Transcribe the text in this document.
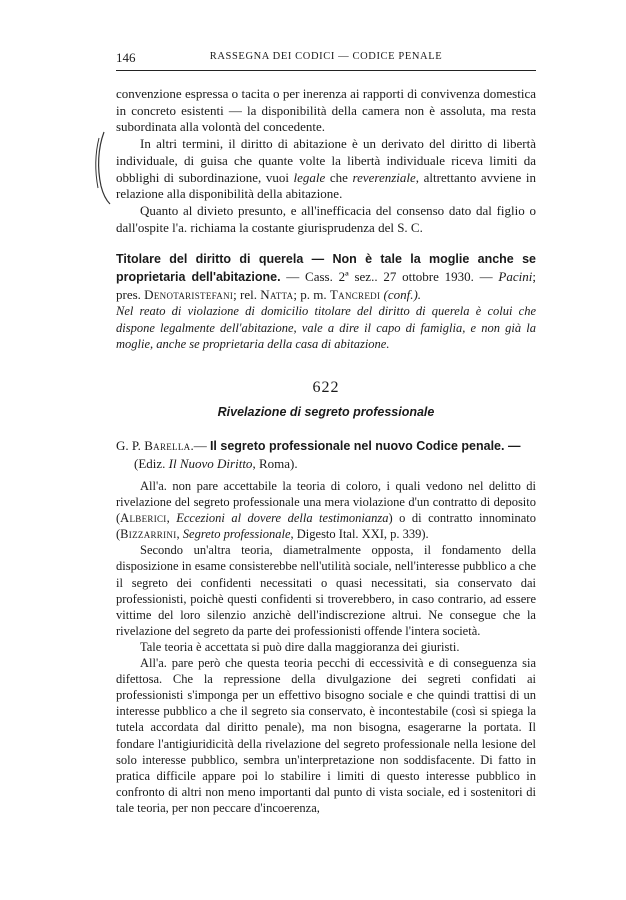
146	RASSEGNA DEI CODICI — CODICE PENALE

convenzione espressa o tacita o per inerenza ai rapporti di convivenza domestica in concreto esistenti — la disponibilità della camera non è assoluta, ma resta subordinata alla volontà del concedente.

In altri termini, il diritto di abitazione è un derivato del diritto di libertà individuale, di guisa che quante volte la libertà individuale riceva limiti da obblighi di subordinazione, vuoi legale che reverenziale, altrettanto avviene in relazione alla disponibilità della abitazione.

Quanto al divieto presunto, e all'inefficacia del consenso dato dal figlio o dall'ospite l'a. richiama la costante giurisprudenza del S. C.

Titolare del diritto di querela — Non è tale la moglie anche se proprietaria dell'abitazione. — Cass. 2ª sez.. 27 ottobre 1930. — Pacini; pres. Denotaristefani; rel. Natta; p. m. Tancredi (conf.).
Nel reato di violazione di domicilio titolare del diritto di querela è colui che dispone legalmente dell'abitazione, vale a dire il capo di famiglia, e non già la moglie, anche se proprietaria della casa di abitazione.
622
Rivelazione di segreto professionale
G. P. Barella.— Il segreto professionale nel nuovo Codice penale. —
(Ediz. Il Nuovo Diritto, Roma).

All'a. non pare accettabile la teoria di coloro, i quali vedono nel delitto di rivelazione del segreto professionale una mera violazione d'un contratto di deposito (Alberici, Eccezioni al dovere della testimonianza) o di contratto innominato (Bizzarrini, Segreto professionale, Digesto Ital. XXI, p. 339).

Secondo un'altra teoria, diametralmente opposta, il fondamento della disposizione in esame consisterebbe nell'utilità sociale, nell'interesse pubblico a che il segreto dei confidenti necessitati o quasi necessitati, sia conservato dai professionisti, poichè questi confidenti si troverebbero, in caso contrario, ad essere vittime del loro silenzio anzichè dell'indiscrezione altrui. Ne consegue che la rivelazione del segreto da parte dei professionisti offende l'intera società.

Tale teoria è accettata si può dire dalla maggioranza dei giuristi.

All'a. pare però che questa teoria pecchi di eccessività e di conseguenza sia difettosa. Che la repressione della divulgazione dei segreti confidati ai professionisti s'imponga per un effettivo bisogno sociale e che quindi trattisi di un interesse pubblico a che il segreto sia conservato, è incontestabile (così si spiega la tutela accordata dal diritto penale), ma non bisogna, esagerarne la portata. Il fondare l'antigiuridicità della rivelazione del segreto professionale nella lesione del solo interesse pubblico, sembra un'interpretazione non soddisfacente. Di fatto in pratica difficile appare poi lo stabilire i limiti di questo interesse pubblico in confronto di altri non meno importanti dal punto di vista sociale, ed i sostenitori di tale teoria, per non peccare d'incoerenza,
